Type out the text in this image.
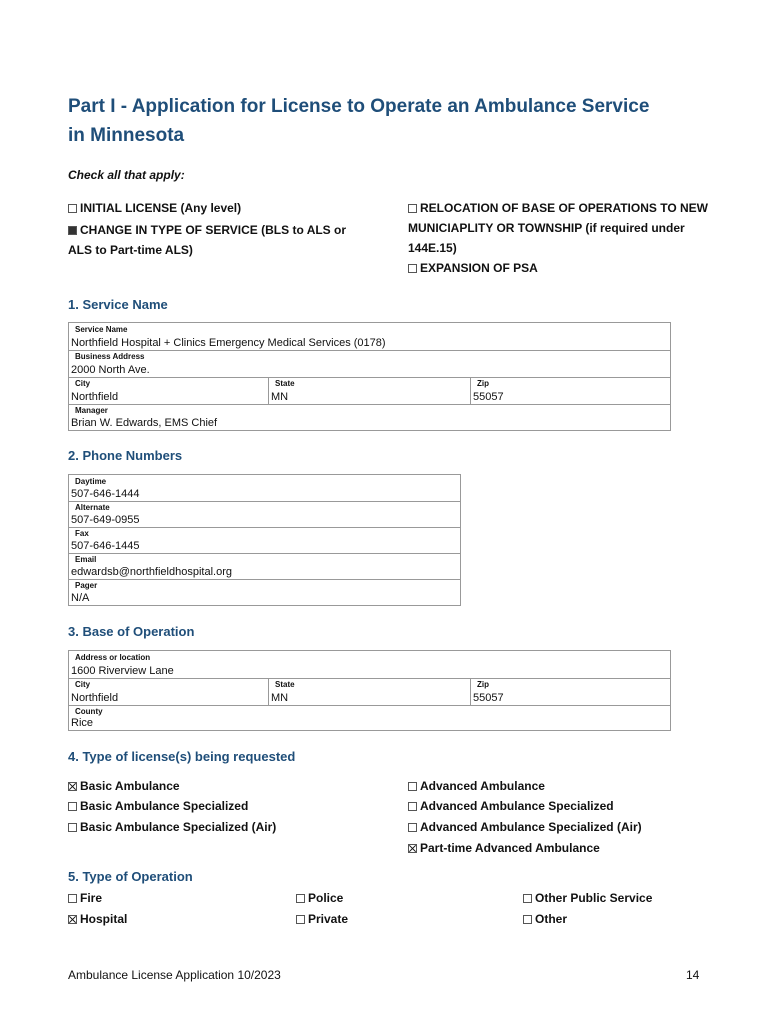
Part I - Application for License to Operate an Ambulance Service in Minnesota
Check all that apply:
INITIAL LICENSE (Any level)
CHANGE IN TYPE OF SERVICE (BLS to ALS or ALS to Part-time ALS)
RELOCATION OF BASE OF OPERATIONS TO NEW MUNICIAPLITY OR TOWNSHIP (if required under 144E.15)
EXPANSION OF PSA
1. Service Name
Service Name
Northfield Hospital + Clinics Emergency Medical Services (0178)
Business Address
2000 North Ave.
City
Northfield
State
MN
Zip
55057
Manager
Brian W. Edwards, EMS Chief
2. Phone Numbers
Daytime
507-646-1444
Alternate
507-649-0955
Fax
507-646-1445
Email
edwardsb@northfieldhospital.org
Pager
N/A
3. Base of Operation
Address or location
1600 Riverview Lane
City
Northfield
State
MN
Zip
55057
County
Rice
4. Type of license(s) being requested
Basic Ambulance
Basic Ambulance Specialized
Basic Ambulance Specialized (Air)
Advanced Ambulance
Advanced Ambulance Specialized
Advanced Ambulance Specialized (Air)
Part-time Advanced Ambulance
5. Type of Operation
Fire
Hospital
Police
Private
Other Public Service
Other
Ambulance License Application 10/2023	14
